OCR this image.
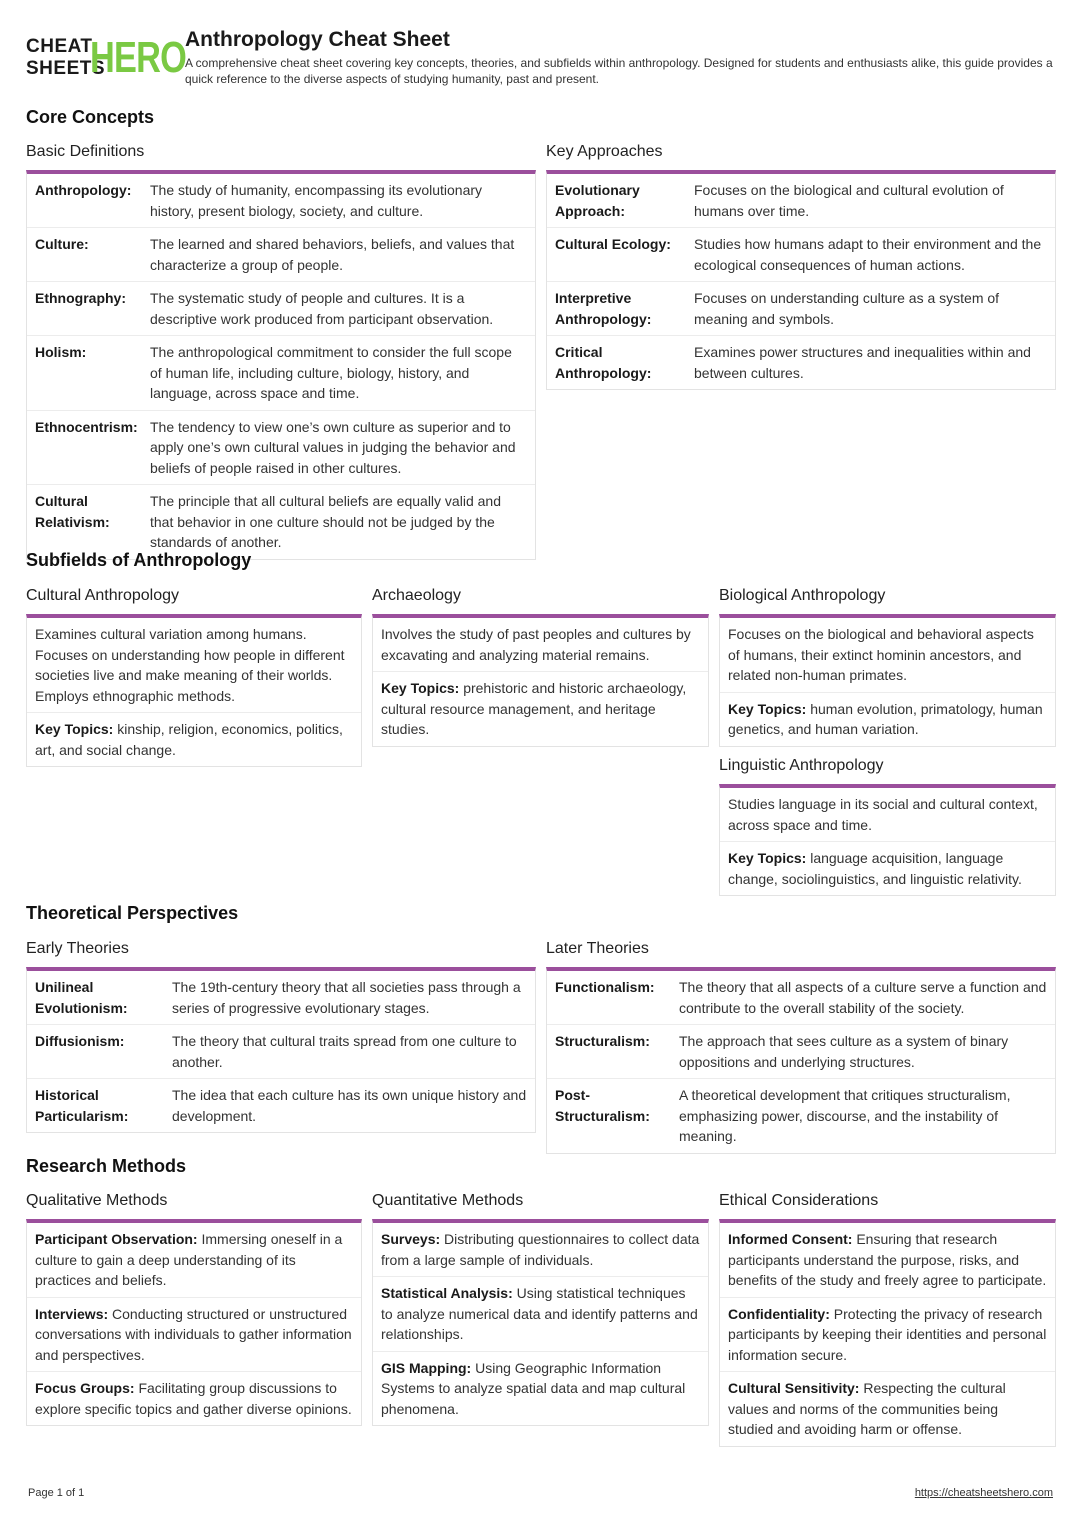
CHEAT
SHEETS
HERO
Anthropology Cheat Sheet
A comprehensive cheat sheet covering key concepts, theories, and subfields within anthropology. Designed for students and enthusiasts alike, this guide provides a quick reference to the diverse aspects of studying humanity, past and present.
Core Concepts
Basic Definitions
Anthropology:	The study of humanity, encompassing its evolutionary history, present biology, society, and culture.
Culture:	The learned and shared behaviors, beliefs, and values that characterize a group of people.
Ethnography:	The systematic study of people and cultures. It is a descriptive work produced from participant observation.
Holism:	The anthropological commitment to consider the full scope of human life, including culture, biology, history, and language, across space and time.
Ethnocentrism: The tendency to view one’s own culture as superior and to apply one’s own cultural values in judging the behavior and beliefs of people raised in other cultures.
Cultural Relativism:
The principle that all cultural beliefs are equally valid and that behavior in one culture should not be judged by the standards of another.
Key Approaches
Evolutionary Approach:
Focuses on the biological and cultural evolution of humans over time.
Cultural Ecology:	Studies how humans adapt to their environment and the ecological consequences of human actions.
Interpretive Anthropology:
Focuses on understanding culture as a system of meaning and symbols.
Critical Anthropology:
Examines power structures and inequalities within and between cultures.
Subfields of Anthropology
Cultural Anthropology
Examines cultural variation among humans. Focuses on understanding how people in different societies live and make meaning of their worlds. Employs ethnographic methods.
Key Topics: kinship, religion, economics, politics, art, and social change.
Archaeology
Involves the study of past peoples and cultures by excavating and analyzing material remains.
Key Topics: prehistoric and historic archaeology, cultural resource management, and heritage studies.
Biological Anthropology
Focuses on the biological and behavioral aspects of humans, their extinct hominin ancestors, and related non-human primates.
Key Topics: human evolution, primatology, human genetics, and human variation.
Linguistic Anthropology
Studies language in its social and cultural context, across space and time.
Key Topics: language acquisition, language change, sociolinguistics, and linguistic relativity.
Theoretical Perspectives
Early Theories
Unilineal Evolutionism:
The 19th-century theory that all societies pass through a series of progressive evolutionary stages.
Diffusionism:	The theory that cultural traits spread from one culture to another.
Historical Particularism:
The idea that each culture has its own unique history and development.
Later Theories
Functionalism:	The theory that all aspects of a culture serve a function and contribute to the overall stability of the society.
Structuralism:	The approach that sees culture as a system of binary oppositions and underlying structures.
Post-Structuralism:
A theoretical development that critiques structuralism, emphasizing power, discourse, and the instability of meaning.
Research Methods
Qualitative Methods
Participant Observation: Immersing oneself in a culture to gain a deep understanding of its practices and beliefs.
Interviews: Conducting structured or unstructured conversations with individuals to gather information and perspectives.
Focus Groups: Facilitating group discussions to explore specific topics and gather diverse opinions.
Quantitative Methods
Surveys: Distributing questionnaires to collect data from a large sample of individuals.
Statistical Analysis: Using statistical techniques to analyze numerical data and identify patterns and relationships.
GIS Mapping: Using Geographic Information Systems to analyze spatial data and map cultural phenomena.
Ethical Considerations
Informed Consent: Ensuring that research participants understand the purpose, risks, and benefits of the study and freely agree to participate.
Confidentiality: Protecting the privacy of research participants by keeping their identities and personal information secure.
Cultural Sensitivity: Respecting the cultural values and norms of the communities being studied and avoiding harm or offense.
Page 1 of 1	https://cheatsheetshero.com
